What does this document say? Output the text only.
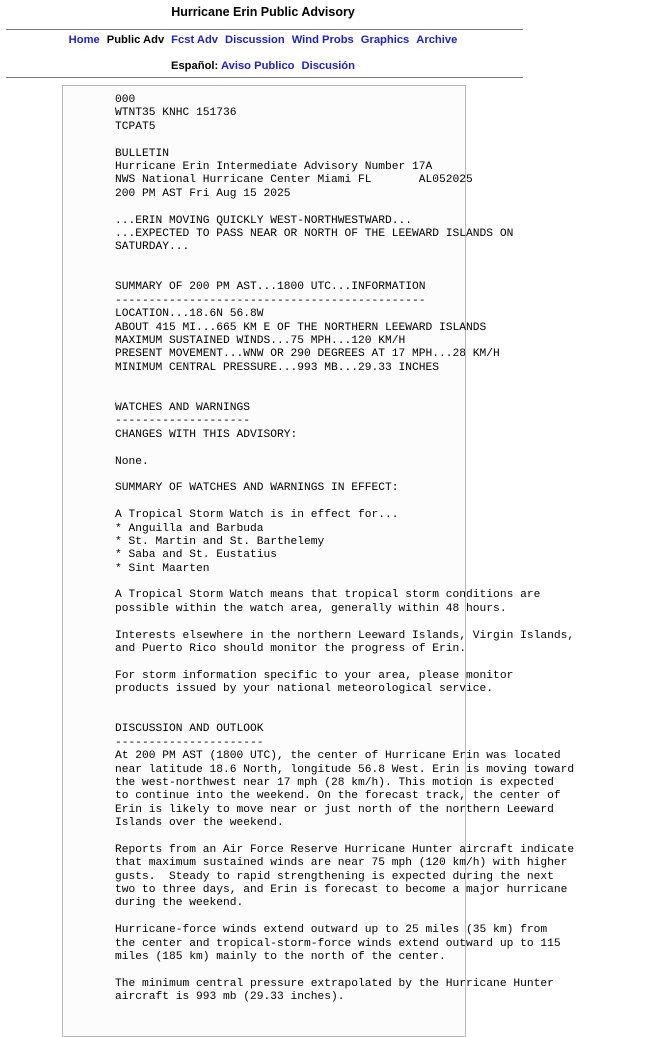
Hurricane Erin Public Advisory
Home Public Adv Fcst Adv Discussion Wind Probs Graphics Archive
Español: Aviso Publico Discusión
000
WTNT35 KNHC 151736
TCPAT5
BULLETIN
Hurricane Erin Intermediate Advisory Number 17A
NWS National Hurricane Center Miami FL       AL052025
200 PM AST Fri Aug 15 2025
...ERIN MOVING QUICKLY WEST-NORTHWESTWARD...
...EXPECTED TO PASS NEAR OR NORTH OF THE LEEWARD ISLANDS ON
SATURDAY...
SUMMARY OF 200 PM AST...1800 UTC...INFORMATION
----------------------------------------------
LOCATION...18.6N 56.8W
ABOUT 415 MI...665 KM E OF THE NORTHERN LEEWARD ISLANDS
MAXIMUM SUSTAINED WINDS...75 MPH...120 KM/H
PRESENT MOVEMENT...WNW OR 290 DEGREES AT 17 MPH...28 KM/H
MINIMUM CENTRAL PRESSURE...993 MB...29.33 INCHES
WATCHES AND WARNINGS
--------------------
CHANGES WITH THIS ADVISORY:
None.
SUMMARY OF WATCHES AND WARNINGS IN EFFECT:
A Tropical Storm Watch is in effect for...
* Anguilla and Barbuda
* St. Martin and St. Barthelemy
* Saba and St. Eustatius
* Sint Maarten
A Tropical Storm Watch means that tropical storm conditions are
possible within the watch area, generally within 48 hours.
Interests elsewhere in the northern Leeward Islands, Virgin Islands,
and Puerto Rico should monitor the progress of Erin.
For storm information specific to your area, please monitor
products issued by your national meteorological service.
DISCUSSION AND OUTLOOK
----------------------
At 200 PM AST (1800 UTC), the center of Hurricane Erin was located
near latitude 18.6 North, longitude 56.8 West. Erin is moving toward
the west-northwest near 17 mph (28 km/h). This motion is expected
to continue into the weekend. On the forecast track, the center of
Erin is likely to move near or just north of the northern Leeward
Islands over the weekend.
Reports from an Air Force Reserve Hurricane Hunter aircraft indicate
that maximum sustained winds are near 75 mph (120 km/h) with higher
gusts.  Steady to rapid strengthening is expected during the next
two to three days, and Erin is forecast to become a major hurricane
during the weekend.
Hurricane-force winds extend outward up to 25 miles (35 km) from
the center and tropical-storm-force winds extend outward up to 115
miles (185 km) mainly to the north of the center.
The minimum central pressure extrapolated by the Hurricane Hunter
aircraft is 993 mb (29.33 inches).
